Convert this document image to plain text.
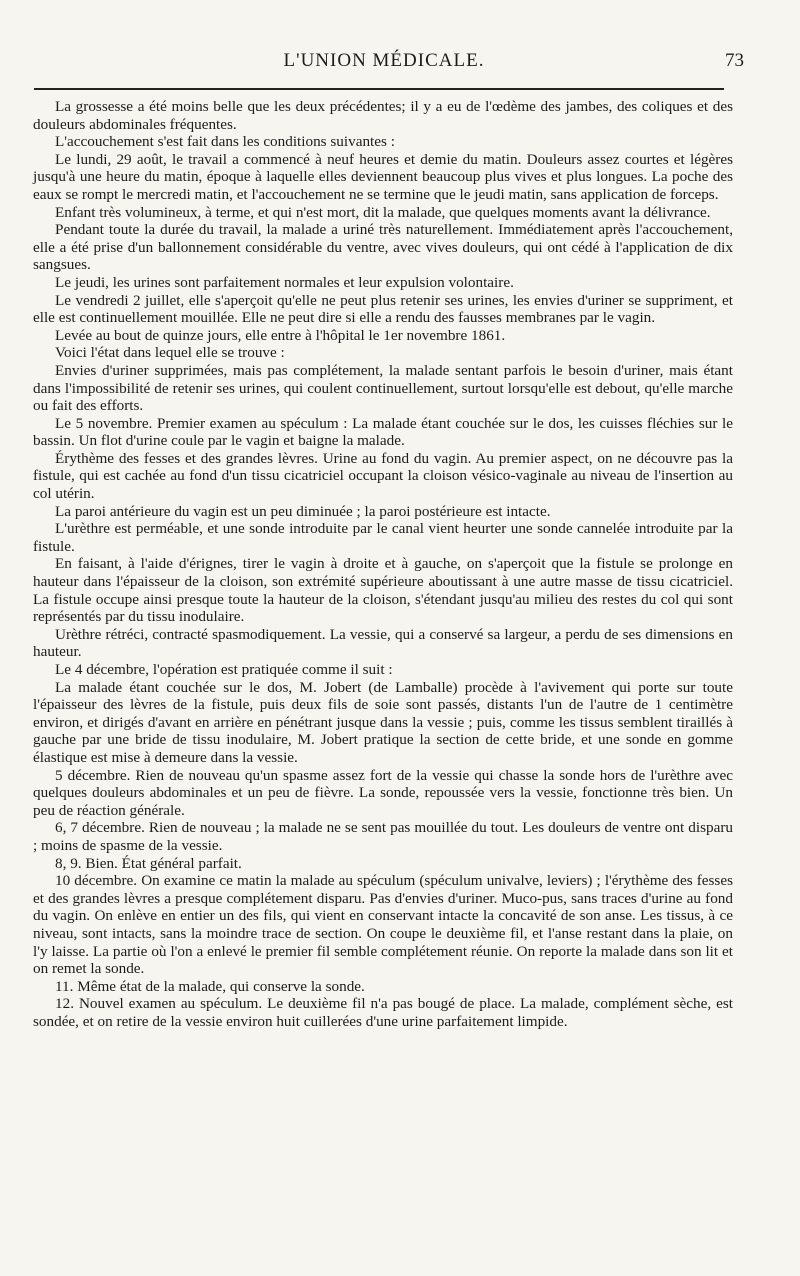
L'UNION MÉDICALE.	73

La grossesse a été moins belle que les deux précédentes; il y a eu de l'œdème des jambes, des coliques et des douleurs abdominales fréquentes.

L'accouchement s'est fait dans les conditions suivantes :

Le lundi, 29 août, le travail a commencé à neuf heures et demie du matin. Douleurs assez courtes et légères jusqu'à une heure du matin, époque à laquelle elles deviennent beaucoup plus vives et plus longues. La poche des eaux se rompt le mercredi matin, et l'accouchement ne se termine que le jeudi matin, sans application de forceps.

Enfant très volumineux, à terme, et qui n'est mort, dit la malade, que quelques moments avant la délivrance.

Pendant toute la durée du travail, la malade a uriné très naturellement. Immédiatement après l'accouchement, elle a été prise d'un ballonnement considérable du ventre, avec vives douleurs, qui ont cédé à l'application de dix sangsues.

Le jeudi, les urines sont parfaitement normales et leur expulsion volontaire.

Le vendredi 2 juillet, elle s'aperçoit qu'elle ne peut plus retenir ses urines, les envies d'uriner se suppriment, et elle est continuellement mouillée. Elle ne peut dire si elle a rendu des fausses membranes par le vagin.

Levée au bout de quinze jours, elle entre à l'hôpital le 1er novembre 1861.

Voici l'état dans lequel elle se trouve :

Envies d'uriner supprimées, mais pas complétement, la malade sentant parfois le besoin d'uriner, mais étant dans l'impossibilité de retenir ses urines, qui coulent continuellement, surtout lorsqu'elle est debout, qu'elle marche ou fait des efforts.

Le 5 novembre. Premier examen au spéculum : La malade étant couchée sur le dos, les cuisses fléchies sur le bassin. Un flot d'urine coule par le vagin et baigne la malade.

Érythème des fesses et des grandes lèvres. Urine au fond du vagin. Au premier aspect, on ne découvre pas la fistule, qui est cachée au fond d'un tissu cicatriciel occupant la cloison vésico-vaginale au niveau de l'insertion au col utérin.

La paroi antérieure du vagin est un peu diminuée ; la paroi postérieure est intacte.

L'urèthre est perméable, et une sonde introduite par le canal vient heurter une sonde cannelée introduite par la fistule.

En faisant, à l'aide d'érignes, tirer le vagin à droite et à gauche, on s'aperçoit que la fistule se prolonge en hauteur dans l'épaisseur de la cloison, son extrémité supérieure aboutissant à une autre masse de tissu cicatriciel. La fistule occupe ainsi presque toute la hauteur de la cloison, s'étendant jusqu'au milieu des restes du col qui sont représentés par du tissu inodulaire.

Urèthre rétréci, contracté spasmodiquement. La vessie, qui a conservé sa largeur, a perdu de ses dimensions en hauteur.

Le 4 décembre, l'opération est pratiquée comme il suit :

La malade étant couchée sur le dos, M. Jobert (de Lamballe) procède à l'avivement qui porte sur toute l'épaisseur des lèvres de la fistule, puis deux fils de soie sont passés, distants l'un de l'autre de 1 centimètre environ, et dirigés d'avant en arrière en pénétrant jusque dans la vessie ; puis, comme les tissus semblent tiraillés à gauche par une bride de tissu inodulaire, M. Jobert pratique la section de cette bride, et une sonde en gomme élastique est mise à demeure dans la vessie.

5 décembre. Rien de nouveau qu'un spasme assez fort de la vessie qui chasse la sonde hors de l'urèthre avec quelques douleurs abdominales et un peu de fièvre. La sonde, repoussée vers la vessie, fonctionne très bien. Un peu de réaction générale.

6, 7 décembre. Rien de nouveau ; la malade ne se sent pas mouillée du tout. Les douleurs de ventre ont disparu ; moins de spasme de la vessie.

8, 9. Bien. État général parfait.

10 décembre. On examine ce matin la malade au spéculum (spéculum univalve, leviers) ; l'érythème des fesses et des grandes lèvres a presque complétement disparu. Pas d'envies d'uriner. Muco-pus, sans traces d'urine au fond du vagin. On enlève en entier un des fils, qui vient en conservant intacte la concavité de son anse. Les tissus, à ce niveau, sont intacts, sans la moindre trace de section. On coupe le deuxième fil, et l'anse restant dans la plaie, on l'y laisse. La partie où l'on a enlevé le premier fil semble complétement réunie. On reporte la malade dans son lit et on remet la sonde.

11. Même état de la malade, qui conserve la sonde.

12. Nouvel examen au spéculum. Le deuxième fil n'a pas bougé de place. La malade, complément sèche, est sondée, et on retire de la vessie environ huit cuillerées d'une urine parfaitement limpide.
